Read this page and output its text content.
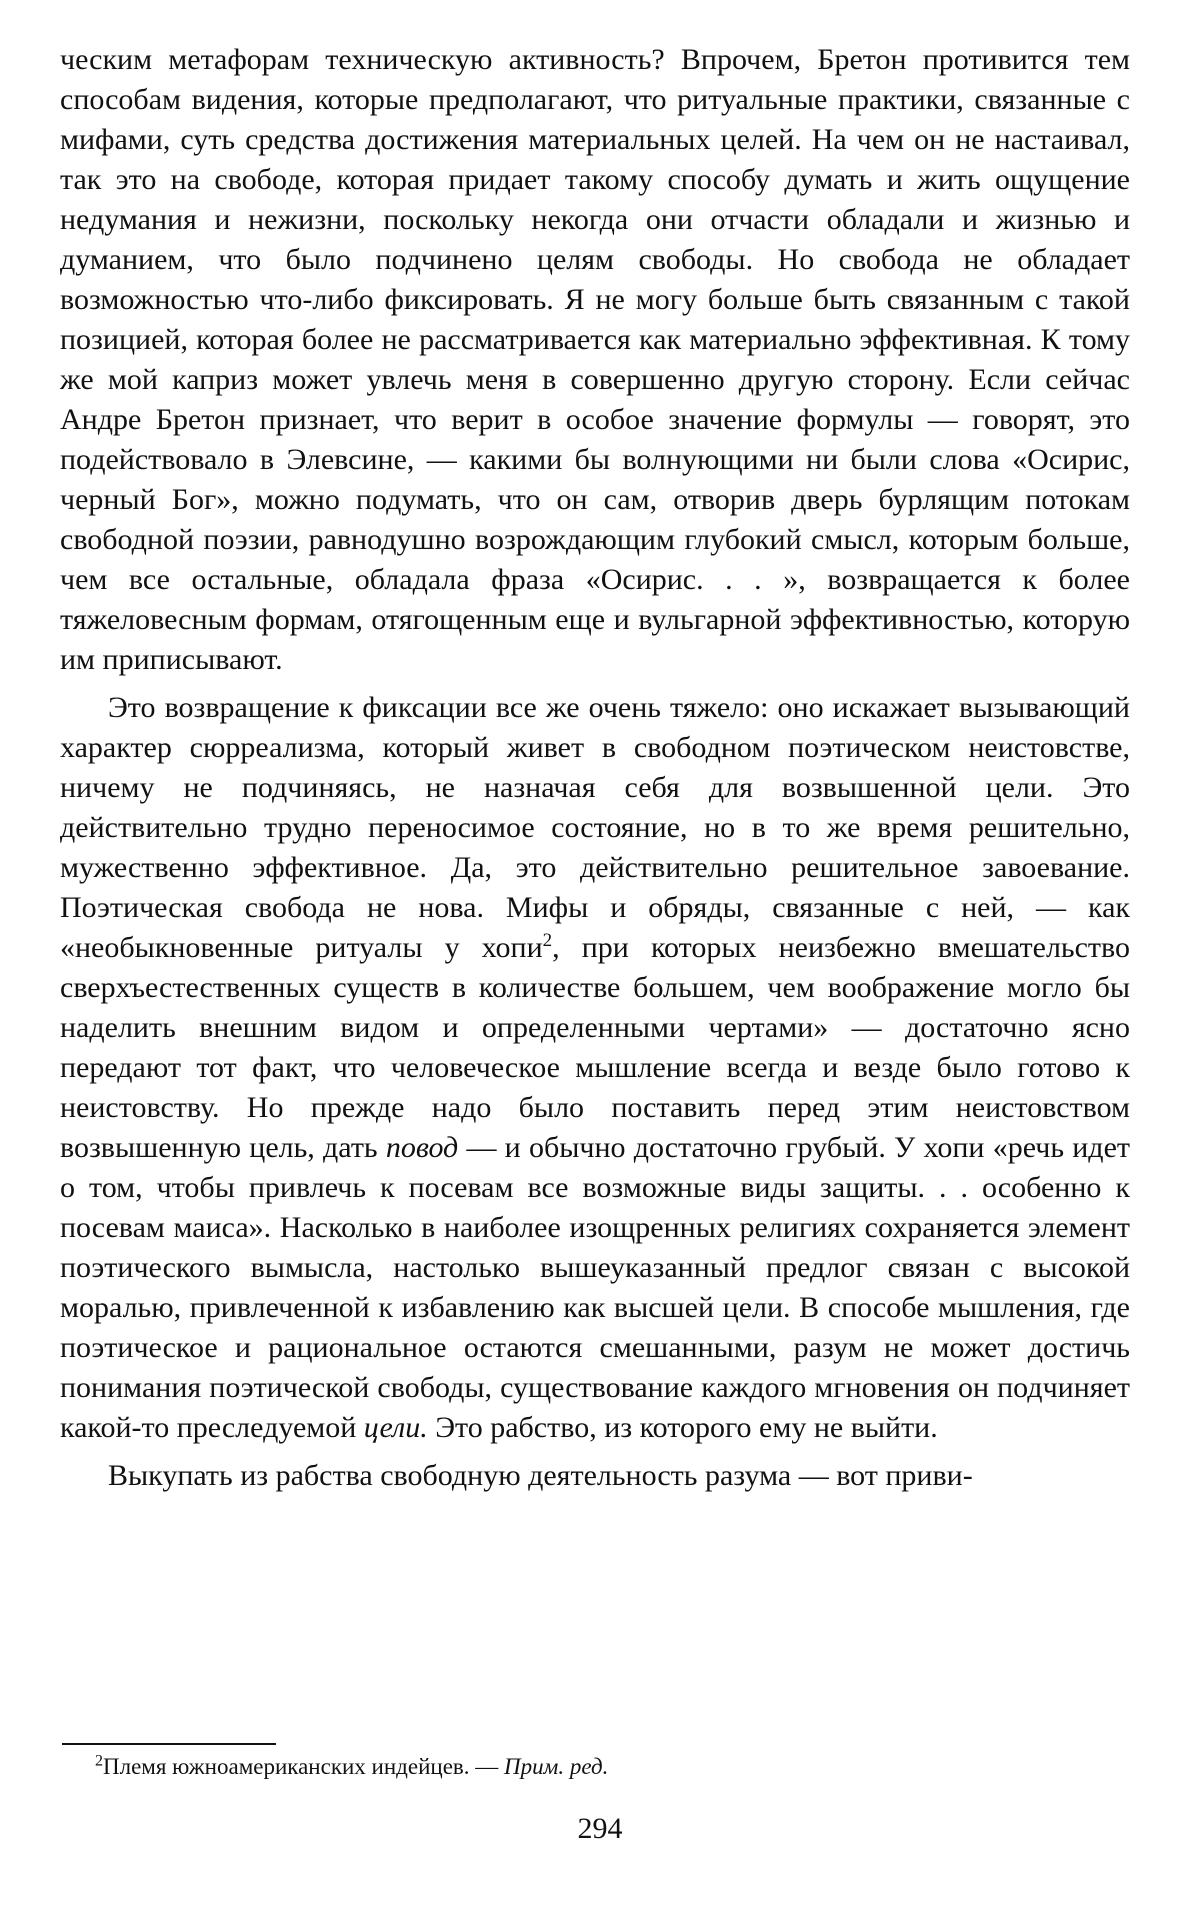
ческим метафорам техническую активность? Впрочем, Бретон противится тем способам видения, которые предполагают, что ритуальные практики, связанные с мифами, суть средства достижения материальных целей. На чем он не настаивал, так это на свободе, которая придает такому способу думать и жить ощущение недумания и нежизни, поскольку некогда они отчасти обладали и жизнью и думанием, что было подчинено целям свободы. Но свобода не обладает возможностью что-либо фиксировать. Я не могу больше быть связанным с такой позицией, которая более не рассматривается как материально эффективная. К тому же мой каприз может увлечь меня в совершенно другую сторону. Если сейчас Андре Бретон признает, что верит в особое значение формулы — говорят, это подействовало в Элевсине, — какими бы волнующими ни были слова «Осирис, черный Бог», можно подумать, что он сам, отворив дверь бурлящим потокам свободной поэзии, равнодушно возрождающим глубокий смысл, которым больше, чем все остальные, обладала фраза «Осирис. . . », возвращается к более тяжеловесным формам, отягощенным еще и вульгарной эффективностью, которую им приписывают.

Это возвращение к фиксации все же очень тяжело: оно искажает вызывающий характер сюрреализма, который живет в свободном поэтическом неистовстве, ничему не подчиняясь, не назначая себя для возвышенной цели. Это действительно трудно переносимое состояние, но в то же время решительно, мужественно эффективное. Да, это действительно решительное завоевание. Поэтическая свобода не нова. Мифы и обряды, связанные с ней, — как «необыкновенные ритуалы у хопи$^2$, при которых неизбежно вмешательство сверхъестественных существ в количестве большем, чем воображение могло бы наделить внешним видом и определенными чертами» — достаточно ясно передают тот факт, что человеческое мышление всегда и везде было готово к неистовству. Но прежде надо было поставить перед этим неистовством возвышенную цель, дать повод — и обычно достаточно грубый. У хопи «речь идет о том, чтобы привлечь к посевам все возможные виды защиты. . . особенно к посевам маиса». Насколько в наиболее изощренных религиях сохраняется элемент поэтического вымысла, настолько вышеуказанный предлог связан с высокой моралью, привлеченной к избавлению как высшей цели. В способе мышления, где поэтическое и рациональное остаются смешанными, разум не может достичь понимания поэтической свободы, существование каждого мгновения он подчиняет какой-то преследуемой цели. Это рабство, из которого ему не выйти.

Выкупать из рабства свободную деятельность разума — вот приви-

$^2$Племя южноамериканских индейцев. — Прим. ред.

294
